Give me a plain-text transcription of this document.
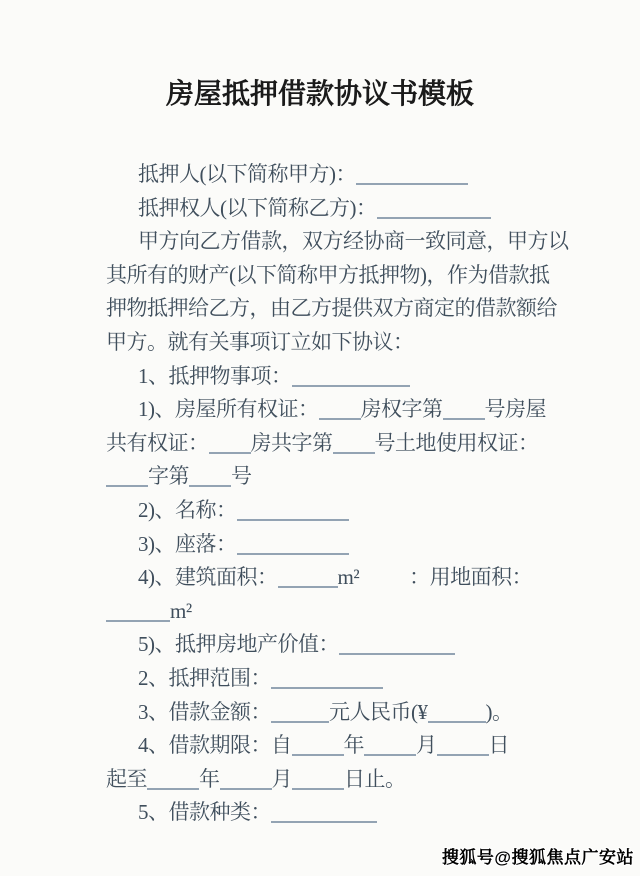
房屋抵押借款协议书模板
抵押人(以下简称甲方)：
抵押权人(以下简称乙方)：
甲方向乙方借款，双方经协商一致同意，甲方以
其所有的财产(以下简称甲方抵押物)，作为借款抵
押物抵押给乙方，由乙方提供双方商定的借款额给
甲方。就有关事项订立如下协议：
1、抵押物事项：
1)、房屋所有权证： 房权字第 号房屋
共有权证： 房共字第 号土地使用权证：
字第 号
2)、名称：
3)、座落：
4)、建筑面积：	m² ：用地面积：
m²
5)、抵押房地产价值：
2、抵押范围：
3、借款金额：	元人民币(¥	)。
4、借款期限：自 年 月 日
起至 年 月 日止。
5、借款种类：
搜狐号@搜狐焦点广安站
